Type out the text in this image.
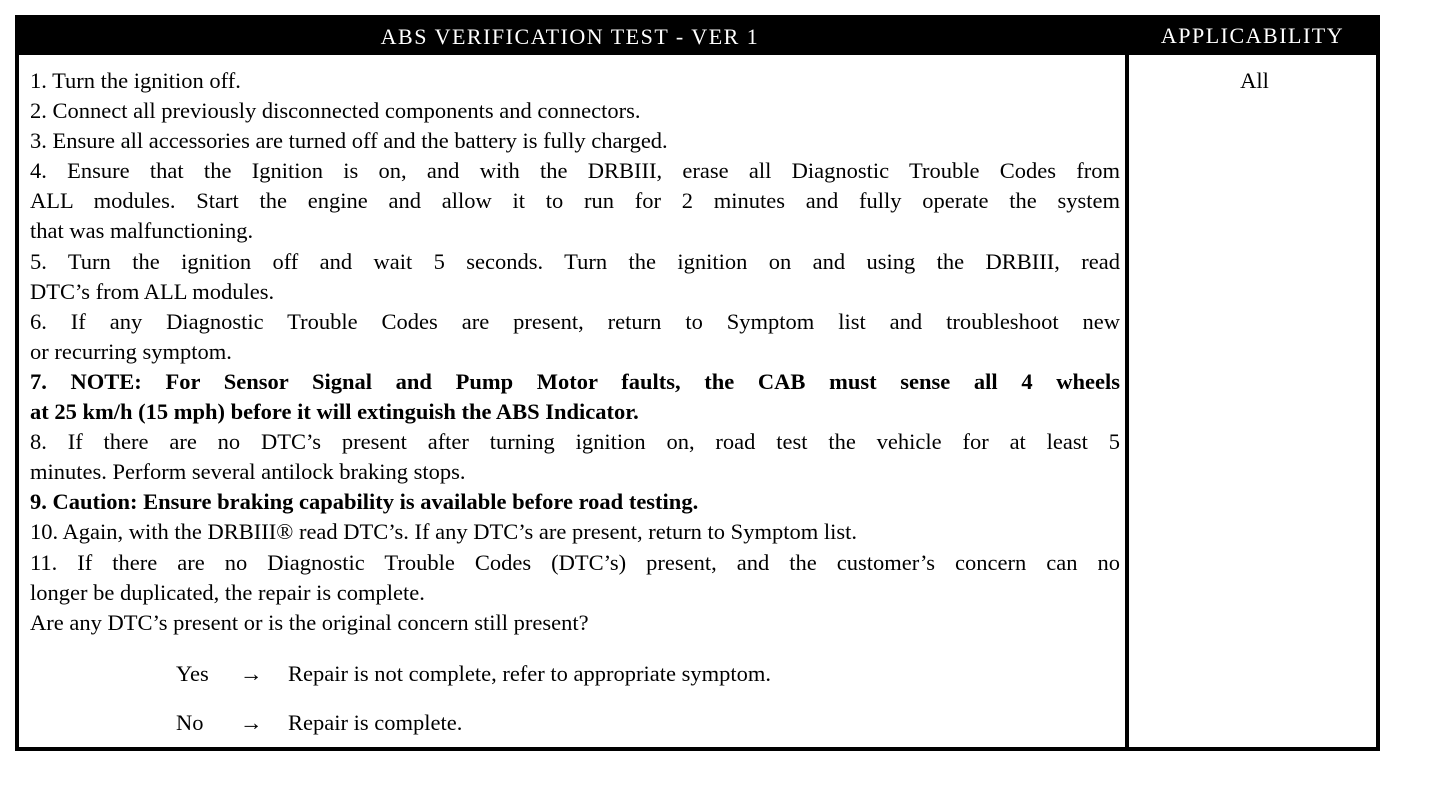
ABS VERIFICATION TEST - VER 1	APPLICABILITY
1. Turn the ignition off.
2. Connect all previously disconnected components and connectors.
3. Ensure all accessories are turned off and the battery is fully charged.
4. Ensure that the Ignition is on, and with the DRBIII, erase all Diagnostic Trouble Codes from
ALL modules. Start the engine and allow it to run for 2 minutes and fully operate the system
that was malfunctioning.
5. Turn the ignition off and wait 5 seconds. Turn the ignition on and using the DRBIII, read
DTC’s from ALL modules.
6. If any Diagnostic Trouble Codes are present, return to Symptom list and troubleshoot new
or recurring symptom.
7. NOTE: For Sensor Signal and Pump Motor faults, the CAB must sense all 4 wheels
at 25 km/h (15 mph) before it will extinguish the ABS Indicator.
8. If there are no DTC’s present after turning ignition on, road test the vehicle for at least 5
minutes. Perform several antilock braking stops.
9. Caution: Ensure braking capability is available before road testing.
10. Again, with the DRBIII® read DTC’s. If any DTC’s are present, return to Symptom list.
11. If there are no Diagnostic Trouble Codes (DTC’s) present, and the customer’s concern can no
longer be duplicated, the repair is complete.
Are any DTC’s present or is the original concern still present?
Yes → Repair is not complete, refer to appropriate symptom.
No → Repair is complete.
All
